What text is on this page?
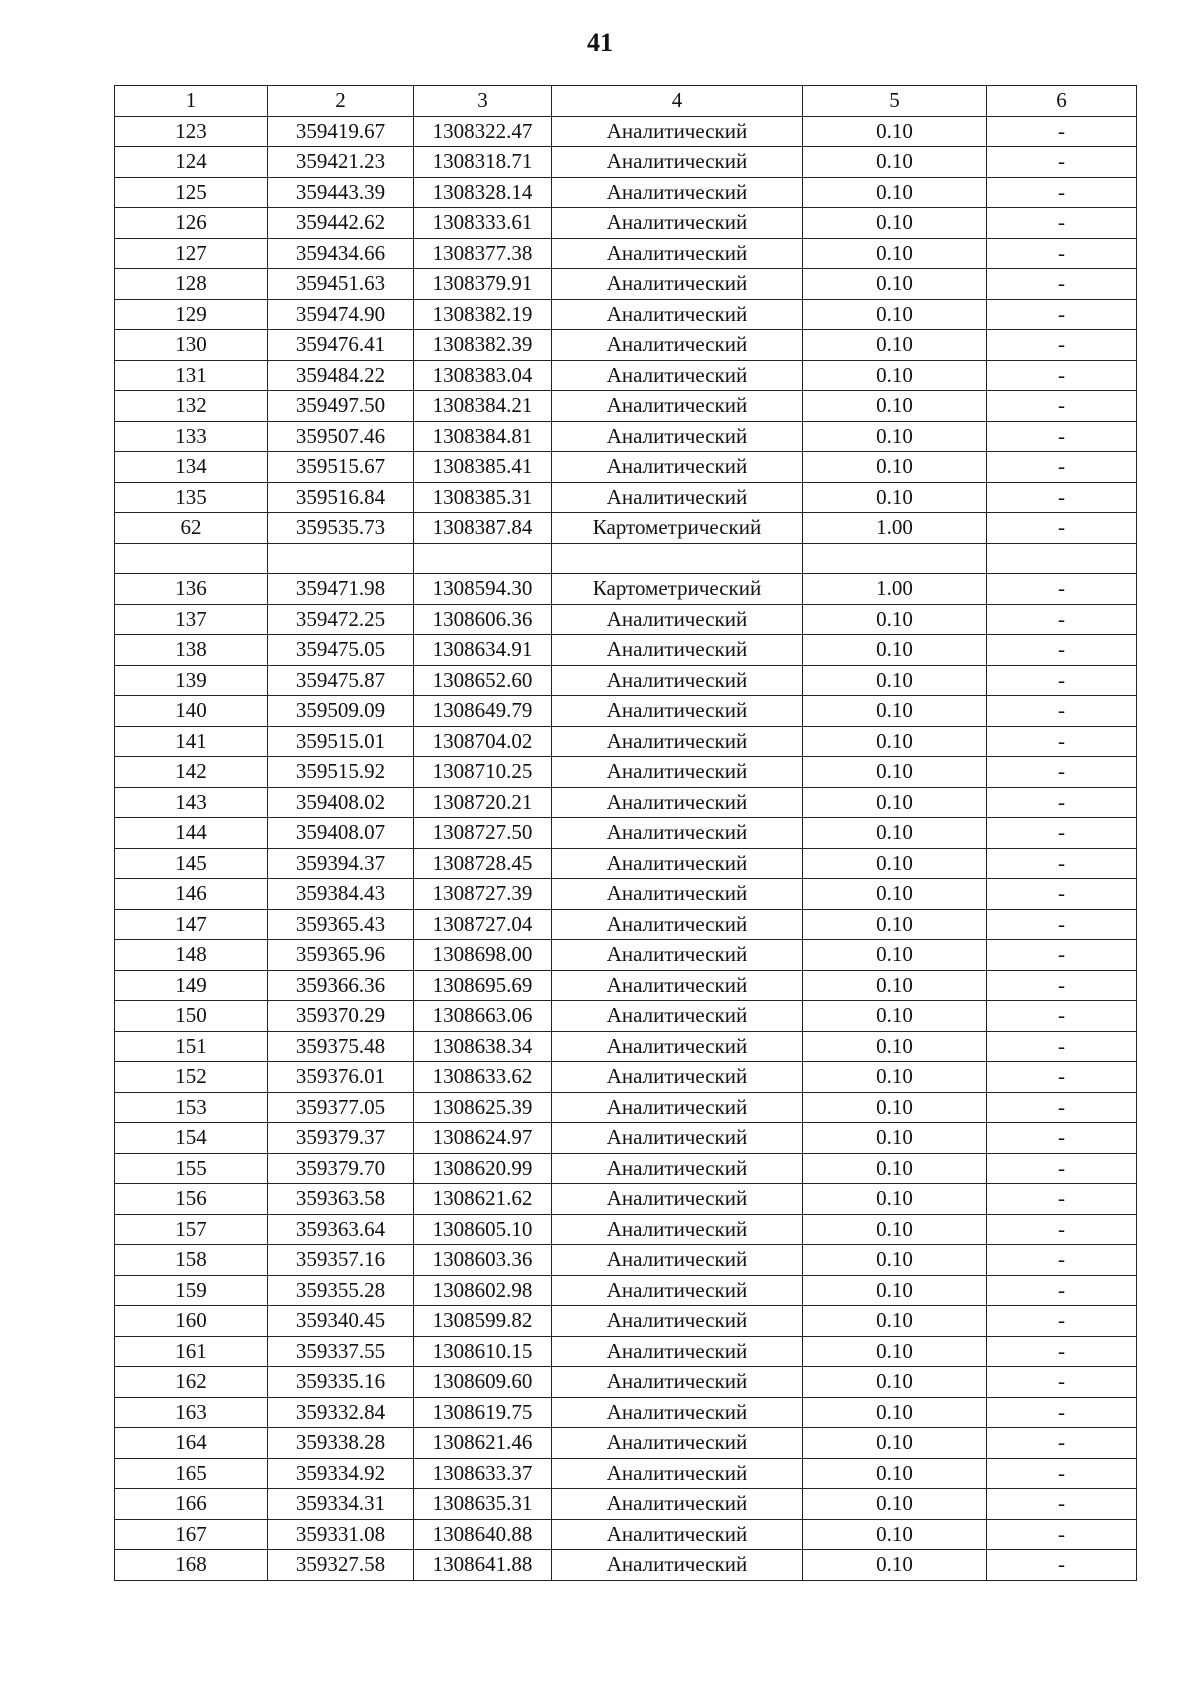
41
1	2	3	4	5	6
123	359419.67	1308322.47	Аналитический	0.10	-
124	359421.23	1308318.71	Аналитический	0.10	-
125	359443.39	1308328.14	Аналитический	0.10	-
126	359442.62	1308333.61	Аналитический	0.10	-
127	359434.66	1308377.38	Аналитический	0.10	-
128	359451.63	1308379.91	Аналитический	0.10	-
129	359474.90	1308382.19	Аналитический	0.10	-
130	359476.41	1308382.39	Аналитический	0.10	-
131	359484.22	1308383.04	Аналитический	0.10	-
132	359497.50	1308384.21	Аналитический	0.10	-
133	359507.46	1308384.81	Аналитический	0.10	-
134	359515.67	1308385.41	Аналитический	0.10	-
135	359516.84	1308385.31	Аналитический	0.10	-
62	359535.73	1308387.84	Картометрический	1.00	-

136	359471.98	1308594.30	Картометрический	1.00	-
137	359472.25	1308606.36	Аналитический	0.10	-
138	359475.05	1308634.91	Аналитический	0.10	-
139	359475.87	1308652.60	Аналитический	0.10	-
140	359509.09	1308649.79	Аналитический	0.10	-
141	359515.01	1308704.02	Аналитический	0.10	-
142	359515.92	1308710.25	Аналитический	0.10	-
143	359408.02	1308720.21	Аналитический	0.10	-
144	359408.07	1308727.50	Аналитический	0.10	-
145	359394.37	1308728.45	Аналитический	0.10	-
146	359384.43	1308727.39	Аналитический	0.10	-
147	359365.43	1308727.04	Аналитический	0.10	-
148	359365.96	1308698.00	Аналитический	0.10	-
149	359366.36	1308695.69	Аналитический	0.10	-
150	359370.29	1308663.06	Аналитический	0.10	-
151	359375.48	1308638.34	Аналитический	0.10	-
152	359376.01	1308633.62	Аналитический	0.10	-
153	359377.05	1308625.39	Аналитический	0.10	-
154	359379.37	1308624.97	Аналитический	0.10	-
155	359379.70	1308620.99	Аналитический	0.10	-
156	359363.58	1308621.62	Аналитический	0.10	-
157	359363.64	1308605.10	Аналитический	0.10	-
158	359357.16	1308603.36	Аналитический	0.10	-
159	359355.28	1308602.98	Аналитический	0.10	-
160	359340.45	1308599.82	Аналитический	0.10	-
161	359337.55	1308610.15	Аналитический	0.10	-
162	359335.16	1308609.60	Аналитический	0.10	-
163	359332.84	1308619.75	Аналитический	0.10	-
164	359338.28	1308621.46	Аналитический	0.10	-
165	359334.92	1308633.37	Аналитический	0.10	-
166	359334.31	1308635.31	Аналитический	0.10	-
167	359331.08	1308640.88	Аналитический	0.10	-
168	359327.58	1308641.88	Аналитический	0.10	-
